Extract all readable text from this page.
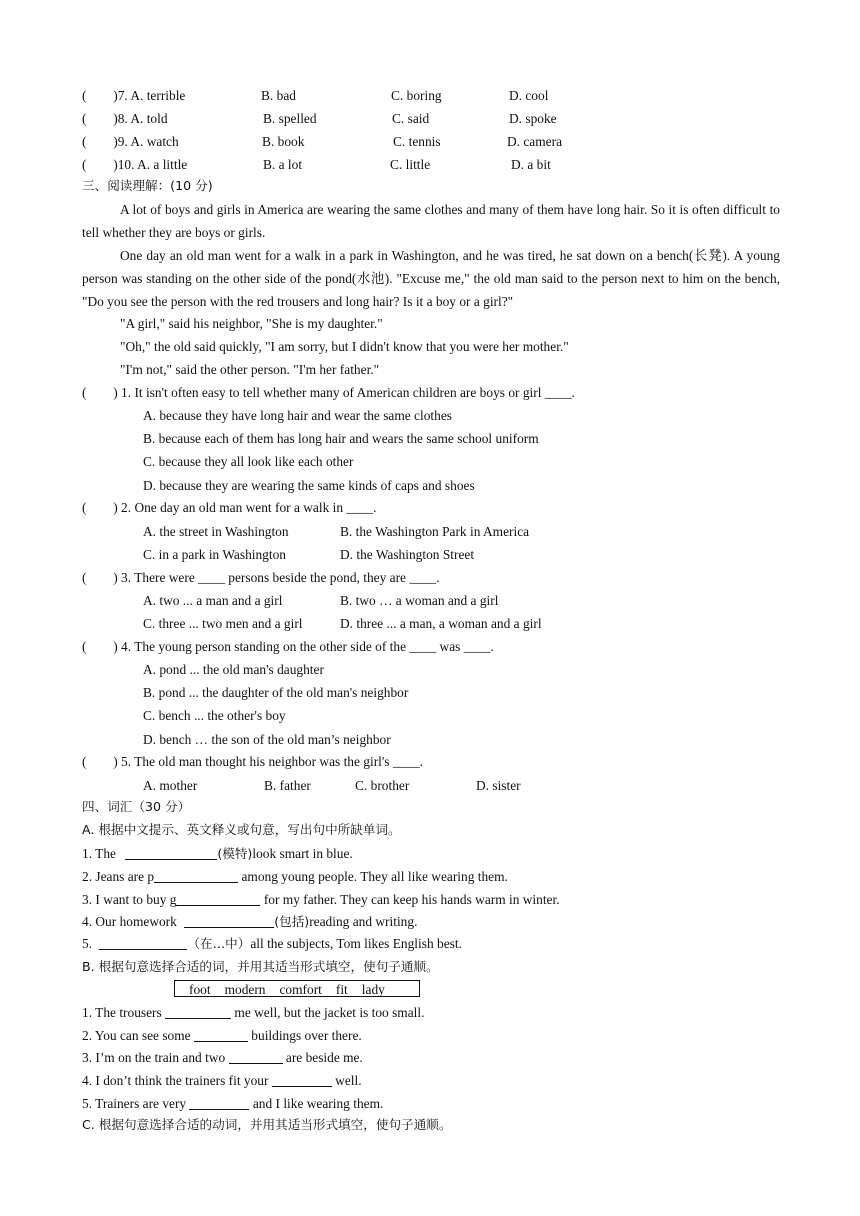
(　　)7. A. terrible	B. bad	C. boring	D. cool
(　　)8. A. told	B. spelled	C. said	D. spoke
(　　)9. A. watch	B. book	C. tennis	D. camera
(　　)10. A. a little	B. a lot	C. little	D. a bit
三、阅读理解：(10 分)
A lot of boys and girls in America are wearing the same clothes and many of them have long hair. So it is often difficult to tell whether they are boys or girls.
One day an old man went for a walk in a park in Washington, and he was tired, he sat down on a bench(长凳). A young person was standing on the other side of the pond(水池). "Excuse me," the old man said to the person next to him on the bench, "Do you see the person with the red trousers and long hair? Is it a boy or a girl?"
"A girl," said his neighbor, "She is my daughter."
"Oh," the old said quickly, "I am sorry, but I didn't know that you were her mother."
"I'm not," said the other person. "I'm her father."
(　　) 1. It isn't often easy to tell whether many of American children are boys or girl ____.
A. because they have long hair and wear the same clothes
B. because each of them has long hair and wears the same school uniform
C. because they all look like each other
D. because they are wearing the same kinds of caps and shoes
(　　) 2. One day an old man went for a walk in ____.
A. the street in Washington	B. the Washington Park in America
C. in a park in Washington	D. the Washington Street
(　　) 3. There were ____ persons beside the pond, they are ____.
A. two ... a man and a girl	B. two … a woman and a girl
C. three ... two men and a girl	D. three ... a man, a woman and a girl
(　　) 4. The young person standing on the other side of the ____ was ____.
A. pond ... the old man's daughter
B. pond ... the daughter of the old man's neighbor
C. bench ... the other's boy
D. bench … the son of the old man’s neighbor
(　　) 5. The old man thought his neighbor was the girl's ____.
A. mother	B. father	C. brother	D. sister
四、词汇（30 分）
A. 根据中文提示、英文释义或句意，写出句中所缺单词。
1. The	(模特)look smart in blue.
2. Jeans are p	among young people. They all like wearing them.
3. I want to buy g	for my father. They can keep his hands warm in winter.
4. Our homework	(包括)reading and writing.
5.	（在…中）all the subjects, Tom likes English best.
B. 根据句意选择合适的词，并用其适当形式填空，使句子通顺。
foot modern comfort fit lady
1. The trousers	me well, but the jacket is too small.
2. You can see some	buildings over there.
3. I’m on the train and two	are beside me.
4. I don’t think the trainers fit your	well.
5. Trainers are very	and I like wearing them.
C. 根据句意选择合适的动词，并用其适当形式填空，使句子通顺。
